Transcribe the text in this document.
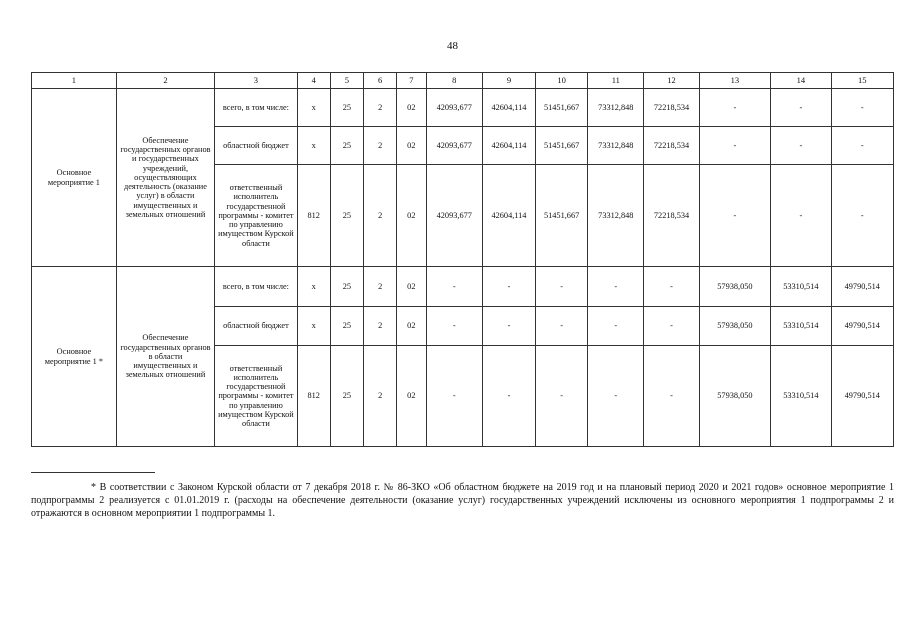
48
1	2	3	4	5	6	7	8	9	10	11	12	13	14	15
Основное мероприятие 1	Обеспечение государственных органов и государственных учреждений, осуществляющих деятельность (оказание услуг) в области имущественных и земельных отношений	всего, в том числе:	х	25	2	02	42093,677	42604,114	51451,667	73312,848	72218,534	-	-	-
		областной бюджет	х	25	2	02	42093,677	42604,114	51451,667	73312,848	72218,534	-	-	-
		ответственный исполнитель государственной программы - комитет по управлению имуществом Курской области	812	25	2	02	42093,677	42604,114	51451,667	73312,848	72218,534	-	-	-
Основное мероприятие 1 *	Обеспечение государственных органов в области имущественных и земельных отношений	всего, в том числе:	х	25	2	02	-	-	-	-	-	57938,050	53310,514	49790,514
		областной бюджет	х	25	2	02	-	-	-	-	-	57938,050	53310,514	49790,514
		ответственный исполнитель государственной программы - комитет по управлению имуществом Курской области	812	25	2	02	-	-	-	-	-	57938,050	53310,514	49790,514
* В соответствии с Законом Курской области от 7 декабря 2018 г. № 86-ЗКО «Об областном бюджете на 2019 год и на плановый период 2020 и 2021 годов» основное мероприятие 1 подпрограммы 2 реализуется с 01.01.2019 г. (расходы на обеспечение деятельности (оказание услуг) государственных учреждений исключены из основного мероприятия 1 подпрограммы 2 и отражаются в основном мероприятии 1 подпрограммы 1.
